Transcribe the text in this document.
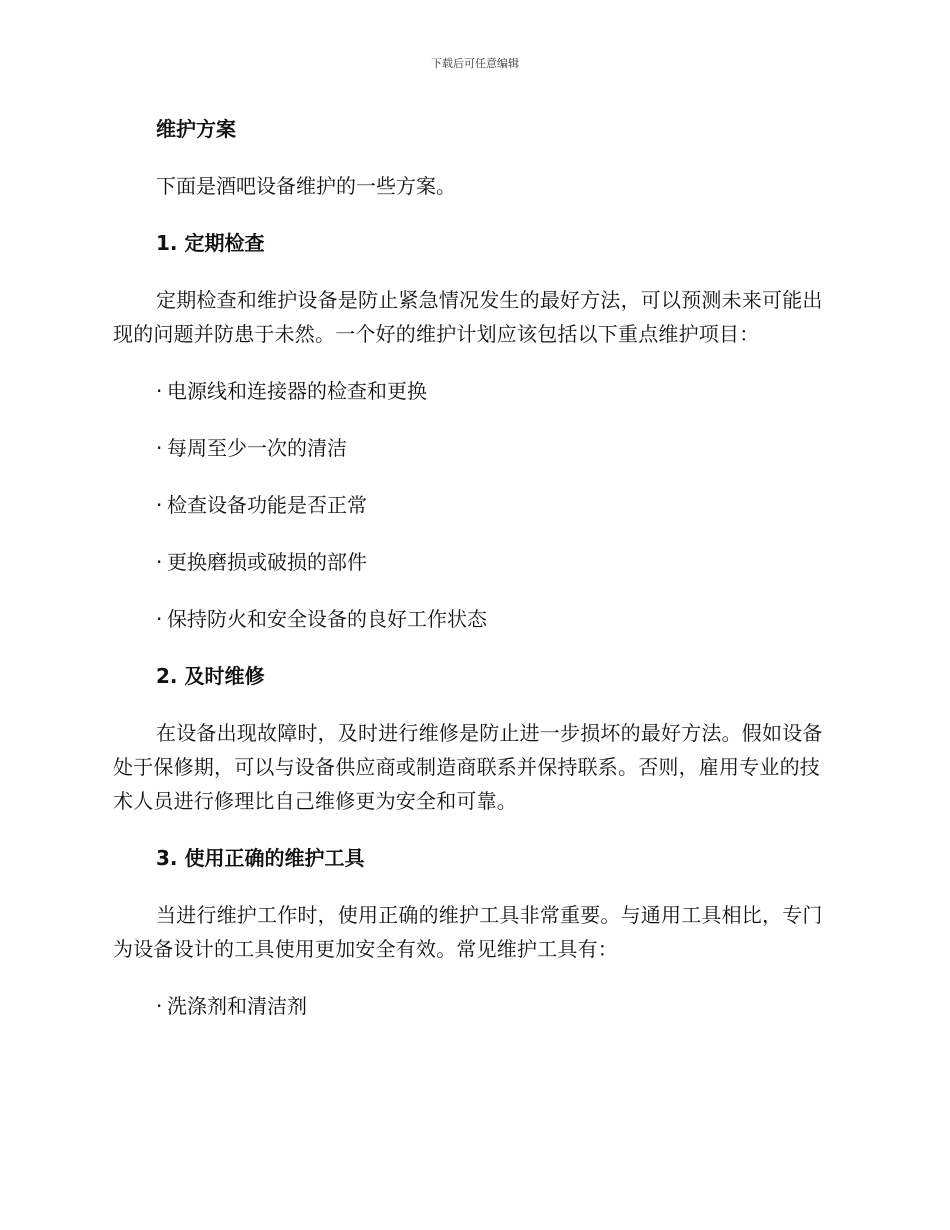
下载后可任意编辑

维护方案

下面是酒吧设备维护的一些方案。

1. 定期检查

定期检查和维护设备是防止紧急情况发生的最好方法，可以预测未来可能出现的问题并防患于未然。一个好的维护计划应该包括以下重点维护项目：

· 电源线和连接器的检查和更换

· 每周至少一次的清洁

· 检查设备功能是否正常

· 更换磨损或破损的部件

· 保持防火和安全设备的良好工作状态

2. 及时维修

在设备出现故障时，及时进行维修是防止进一步损坏的最好方法。假如设备处于保修期，可以与设备供应商或制造商联系并保持联系。否则，雇用专业的技术人员进行修理比自己维修更为安全和可靠。

3. 使用正确的维护工具

当进行维护工作时，使用正确的维护工具非常重要。与通用工具相比，专门为设备设计的工具使用更加安全有效。常见维护工具有：

· 洗涤剂和清洁剂
